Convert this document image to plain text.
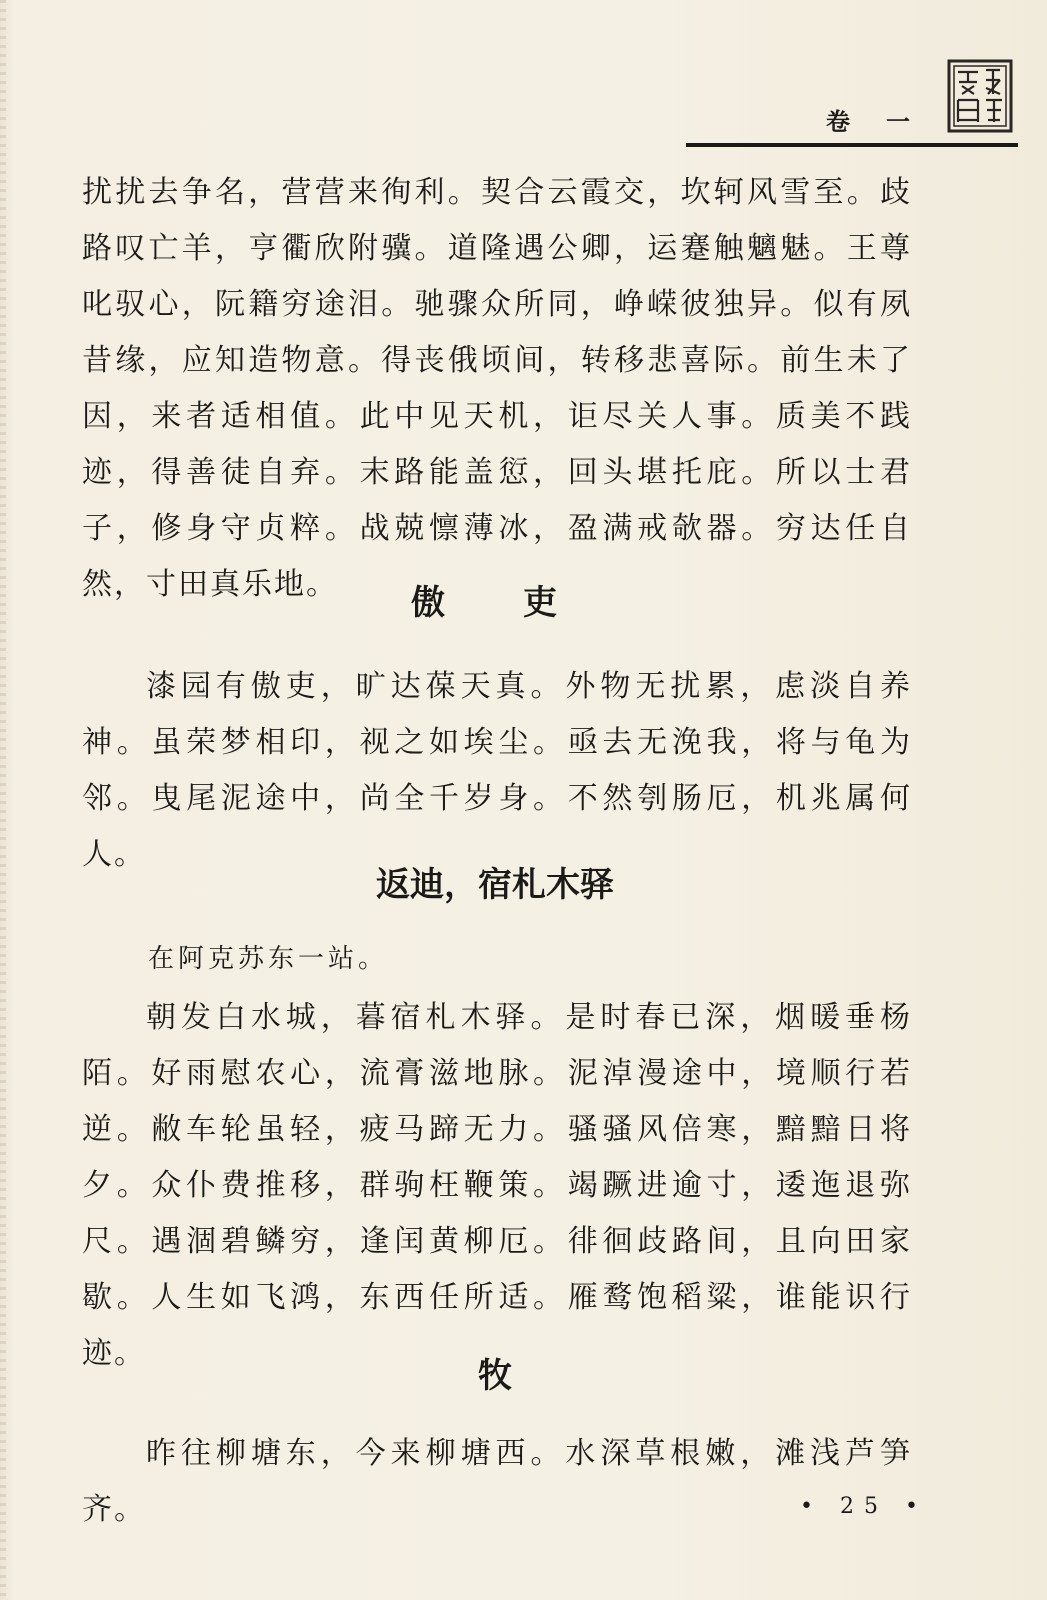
卷　一

扰扰去争名，营营来徇利。契合云霞交，坎轲风雪至。歧路叹亡羊，亨衢欣附骥。道隆遇公卿，运蹇触魑魅。王尊叱驭心，阮籍穷途泪。驰骤众所同，峥嵘彼独异。似有夙昔缘，应知造物意。得丧俄顷间，转移悲喜际。前生未了因，来者适相值。此中见天机，讵尽关人事。质美不践迹，得善徒自弃。末路能盖愆，回头堪托庇。所以士君子，修身守贞粹。战兢懔薄冰，盈满戒欹器。穷达任自然，寸田真乐地。	傲　吏

漆园有傲吏，旷达葆天真。外物无扰累，虑淡自养神。虽荣梦相印，视之如埃尘。亟去无浼我，将与龟为邻。曳尾泥途中，尚全千岁身。不然刳肠厄，机兆属何人。

返迪，宿札木驿

在阿克苏东一站。

朝发白水城，暮宿札木驿。是时春已深，烟暖垂杨陌。好雨慰农心，流膏滋地脉。泥淖漫途中，境顺行若逆。敝车轮虽轻，疲马蹄无力。骚骚风倍寒，黯黯日将夕。众仆费推移，群驹枉鞭策。竭蹶进逾寸，逶迤退弥尺。遇涸碧鳞穷，逢闰黄柳厄。徘徊歧路间，且向田家歇。人生如飞鸿，东西任所适。雁鹜饱稻粱，谁能识行迹。

牧

昨往柳塘东，今来柳塘西。水深草根嫩，滩浅芦笋齐。	• 25 •
